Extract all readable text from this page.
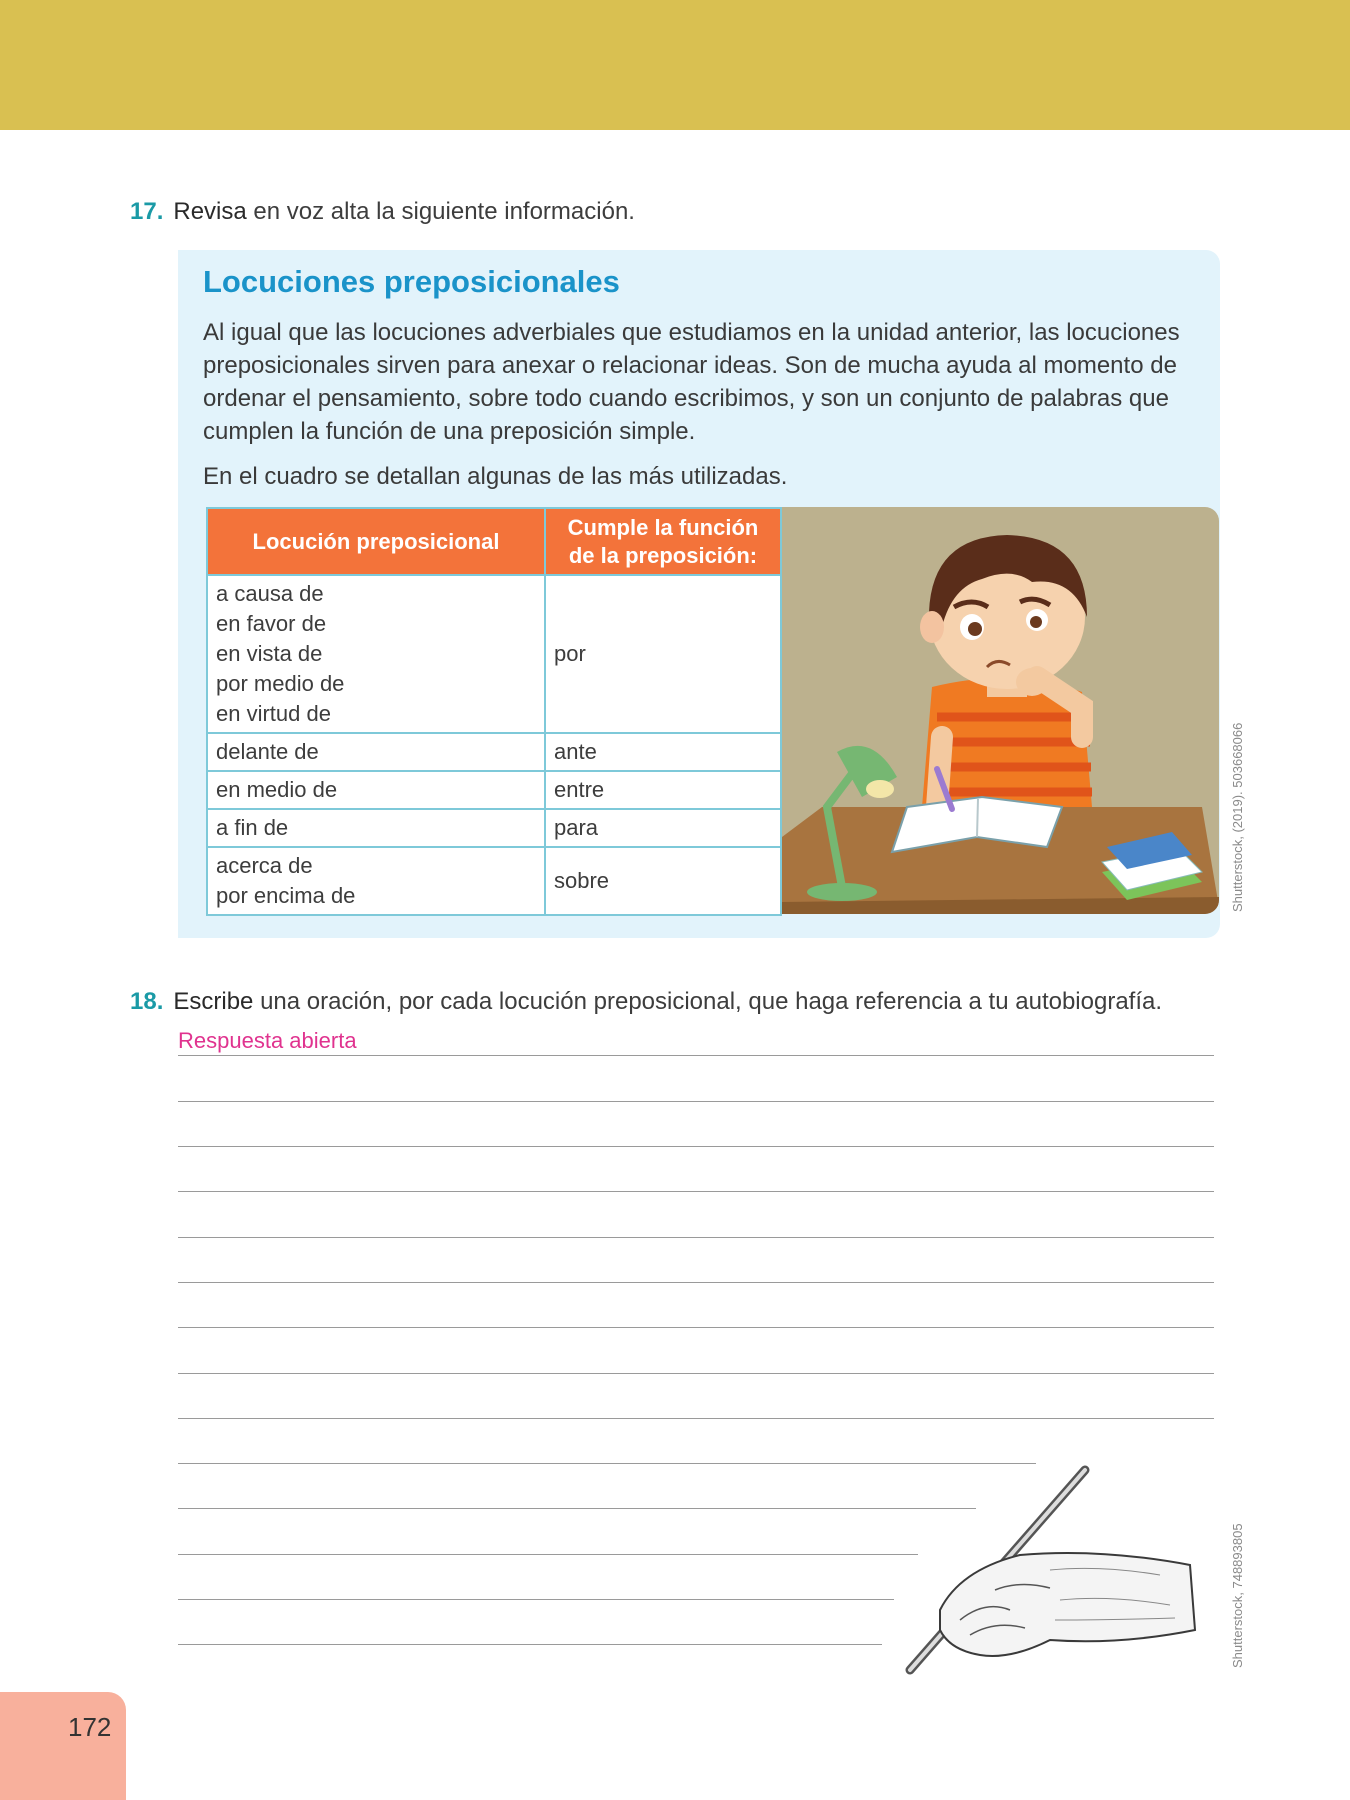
17. Revisa en voz alta la siguiente información.
Locuciones preposicionales

Al igual que las locuciones adverbiales que estudiamos en la unidad anterior, las locuciones preposicionales sirven para anexar o relacionar ideas. Son de mucha ayuda al momento de ordenar el pensamiento, sobre todo cuando escribimos, y son un conjunto de palabras que cumplen la función de una preposición simple.

En el cuadro se detallan algunas de las más utilizadas.

Locución preposicional	Cumple la función
de la preposición:

a causa de
en favor de
en vista de
por medio de
en virtud de	por
delante de	ante
en medio de	entre
a fin de	para

acerca de
por encima de	sobre	Shutterstock, (2019). 503668066
18. Escribe una oración, por cada locución preposicional, que haga referencia a tu autobiografía.
Respuesta abierta
Shutterstock, 748893805
172
